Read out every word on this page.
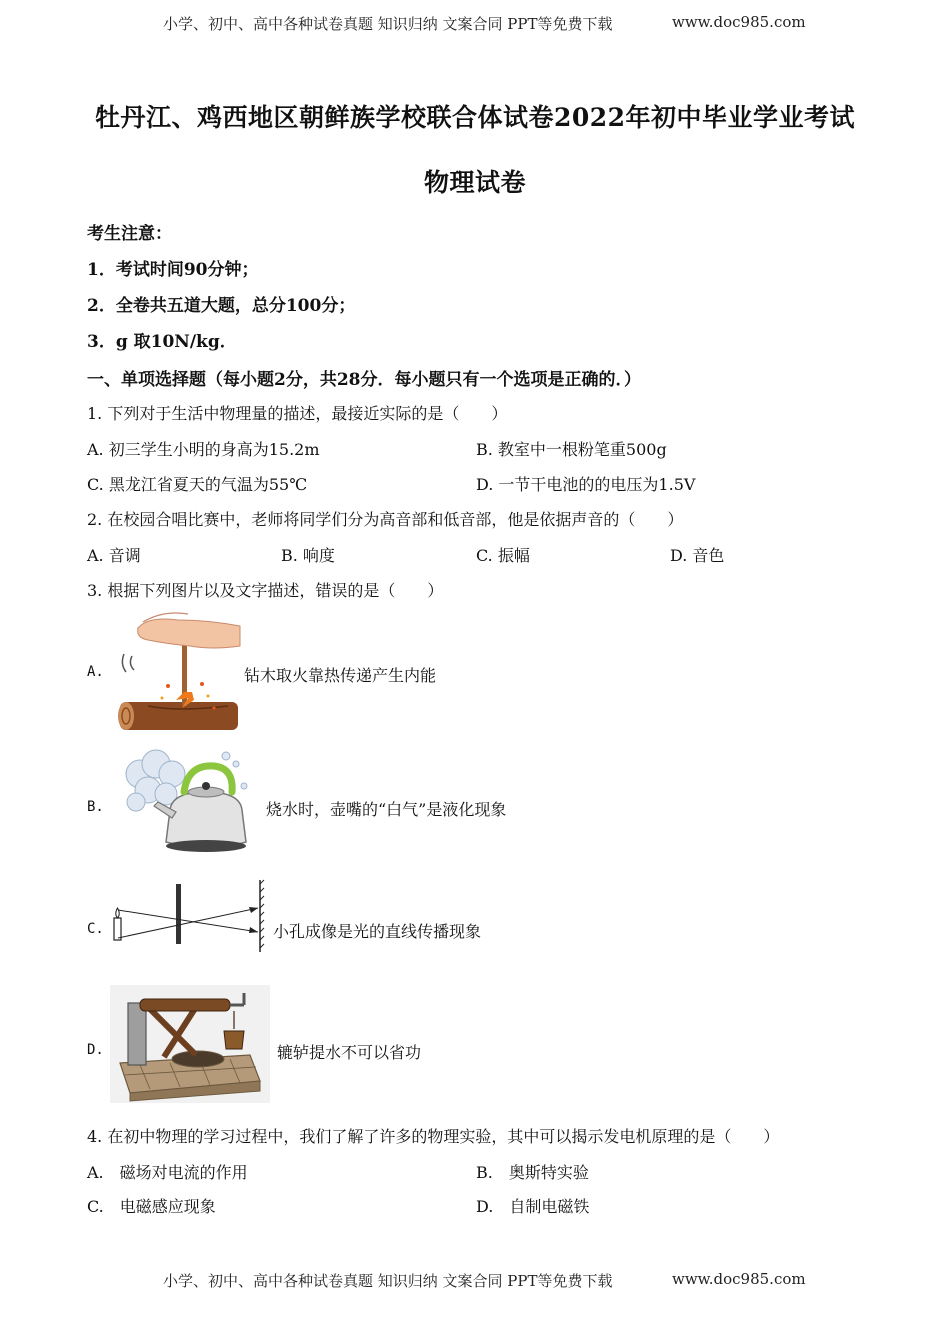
小学、初中、高中各种试卷真题 知识归纳 文案合同 PPT等免费下载	www.doc985.com
牡丹江、鸡西地区朝鲜族学校联合体试卷2022年初中毕业学业考试
物理试卷
考生注意：
1．考试时间90分钟；
2．全卷共五道大题，总分100分；
3．g 取10N/kg．
一、单项选择题（每小题2分，共28分．每小题只有一个选项是正确的．）
1. 下列对于生活中物理量的描述，最接近实际的是（　　）
A. 初三学生小明的身高为15.2m	B. 教室中一根粉笔重500g
C. 黑龙江省夏天的气温为55℃	D. 一节干电池的的电压为1.5V
2. 在校园合唱比赛中，老师将同学们分为高音部和低音部，他是依据声音的（　　）
A. 音调	B. 响度	C. 振幅	D. 音色
3. 根据下列图片以及文字描述，错误的是（　　）
A.	钻木取火靠热传递产生内能
B.	烧水时，壶嘴的“白气”是液化现象
C.	小孔成像是光的直线传播现象
D.	辘轳提水不可以省功
4. 在初中物理的学习过程中，我们了解了许多的物理实验，其中可以揭示发电机原理的是（　　）
A.　磁场对电流的作用	B.　奥斯特实验
C.　电磁感应现象	D.　自制电磁铁
小学、初中、高中各种试卷真题 知识归纳 文案合同 PPT等免费下载	www.doc985.com
